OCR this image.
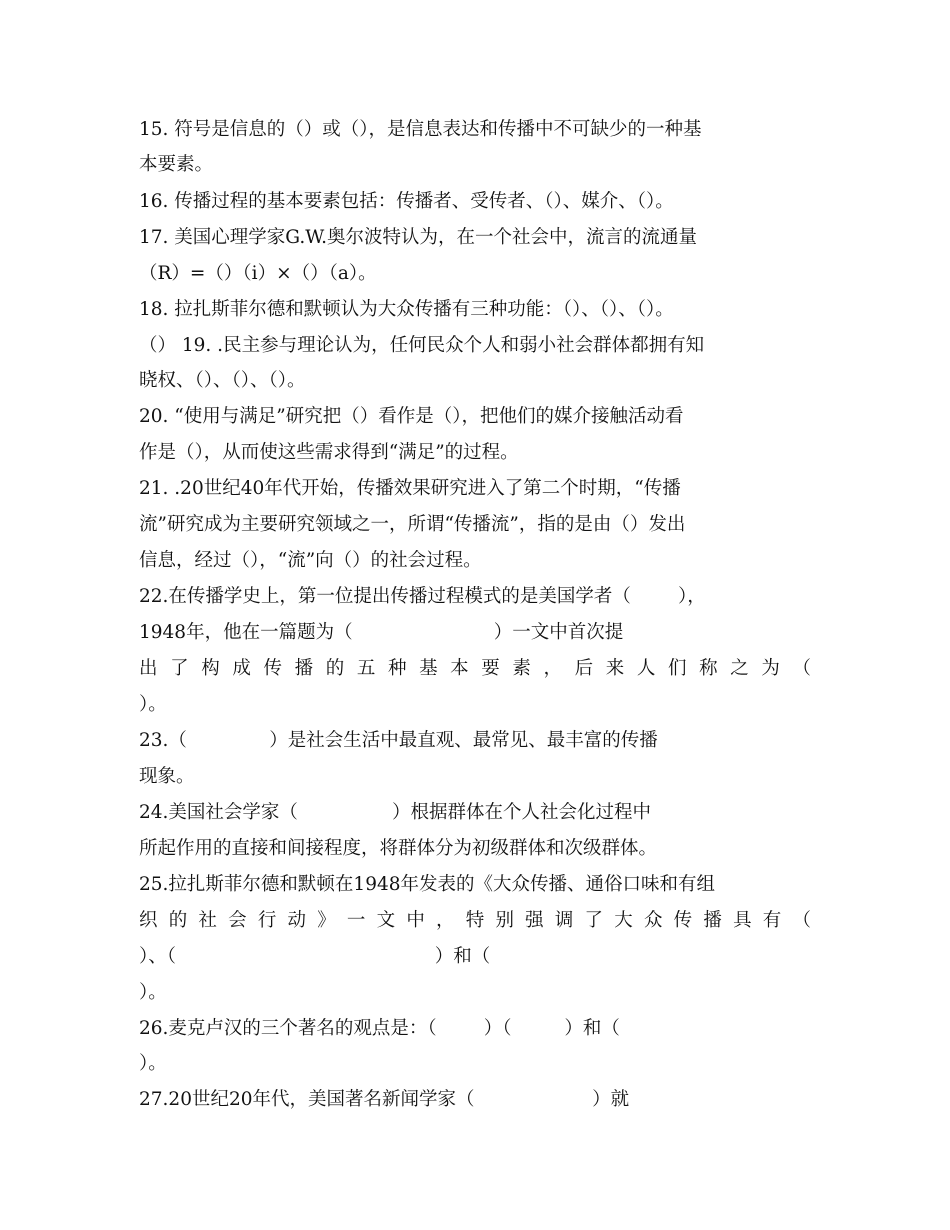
15. 符号是信息的（）或（），是信息表达和传播中不可缺少的一种基
本要素。
16. 传播过程的基本要素包括：传播者、受传者、（）、媒介、（）。
17. 美国心理学家G.W.奥尔波特认为，在一个社会中，流言的流通量
（R）=（）（i）×（）（a）。
18. 拉扎斯菲尔德和默顿认为大众传播有三种功能：（）、（）、（）。
（） 19. .民主参与理论认为，任何民众个人和弱小社会群体都拥有知
晓权、（）、（）、（）。
20. “使用与满足”研究把（）看作是（），把他们的媒介接触活动看
作是（），从而使这些需求得到“满足”的过程。
21. .20世纪40年代开始，传播效果研究进入了第二个时期，“传播
流”研究成为主要研究领域之一，所谓“传播流”，指的是由（）发出
信息，经过（），“流”向（）的社会过程。
22.在传播学史上，第一位提出传播过程模式的是美国学者（        ），
1948年，他在一篇题为（                        ）一文中首次提
出了构成传播的五种基本要素，后来人们称之为（
）。
23.（              ）是社会生活中最直观、最常见、最丰富的传播
现象。
24.美国社会学家（                ）根据群体在个人社会化过程中
所起作用的直接和间接程度，将群体分为初级群体和次级群体。
25.拉扎斯菲尔德和默顿在1948年发表的《大众传播、通俗口味和有组
织的社会行动》一文中，特别强调了大众传播具有（
）、（                                            ）和（
）。
26.麦克卢汉的三个著名的观点是：（        ）（         ）和（
）。
27.20世纪20年代，美国著名新闻学家（                    ）就
